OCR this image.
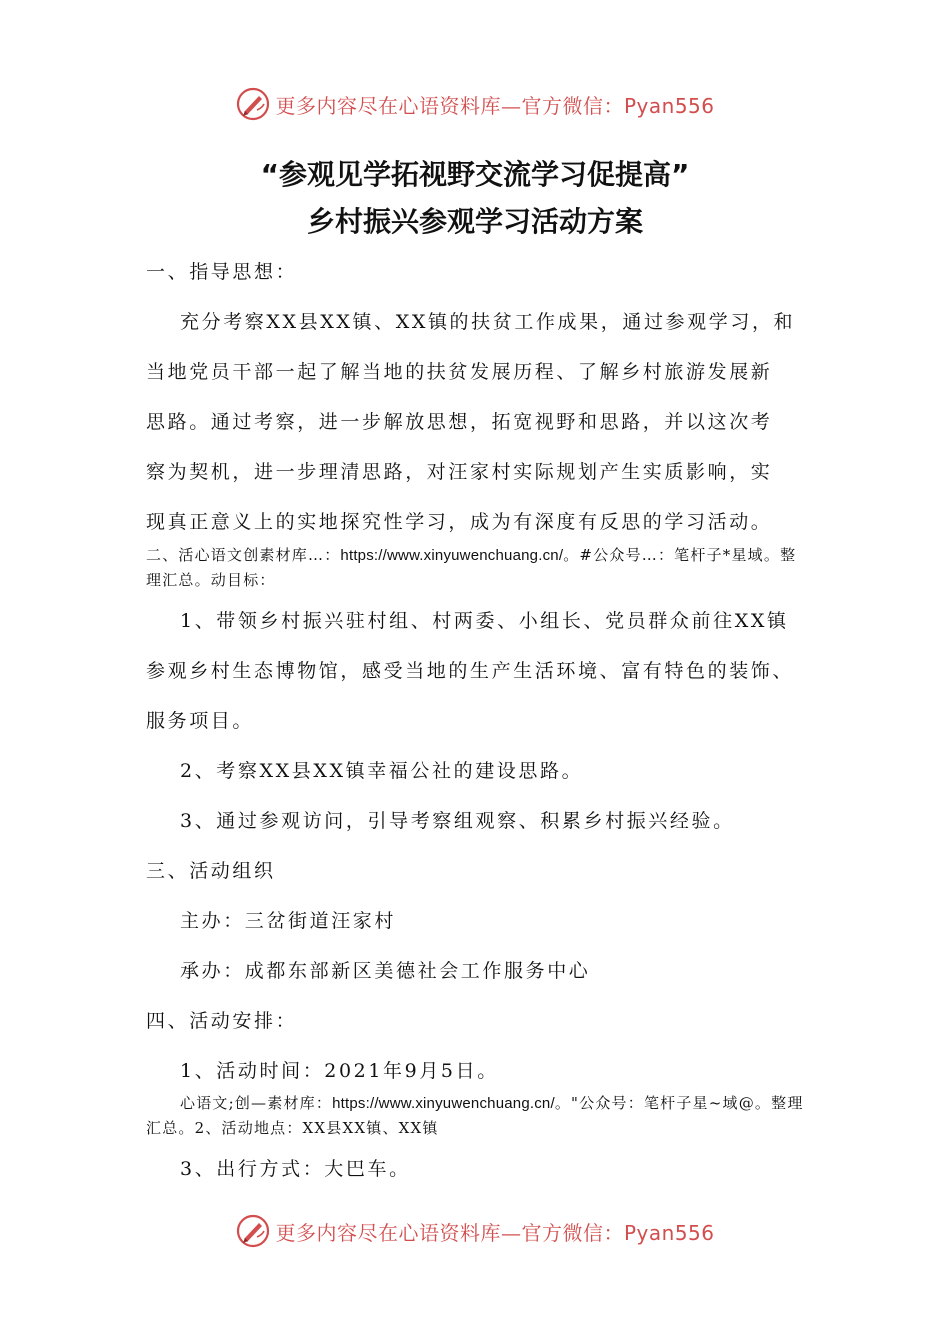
更多内容尽在心语资料库—官方微信：Pyan556
“参观见学拓视野交流学习促提高”
乡村振兴参观学习活动方案
一、指导思想：
充分考察XX县XX镇、XX镇的扶贫工作成果，通过参观学习，和
当地党员干部一起了解当地的扶贫发展历程、了解乡村旅游发展新
思路。通过考察，进一步解放思想，拓宽视野和思路，并以这次考
察为契机，进一步理清思路，对汪家村实际规划产生实质影响，实
现真正意义上的实地探究性学习，成为有深度有反思的学习活动。
二、活心语文创素材库…：https://www.xinyuwenchuang.cn/。#公众号…：笔杆子*星域。整理汇总。动目标：
1、带领乡村振兴驻村组、村两委、小组长、党员群众前往XX镇
参观乡村生态博物馆，感受当地的生产生活环境、富有特色的装饰、
服务项目。
2、考察XX县XX镇幸福公社的建设思路。
3、通过参观访问，引导考察组观察、积累乡村振兴经验。
三、活动组织
主办：三岔街道汪家村
承办：成都东部新区美德社会工作服务中心
四、活动安排：
1、活动时间：2021年9月5日。
心语文;创—素材库：https://www.xinyuwenchuang.cn/。"公众号：笔杆子星~域@。整理汇总。2、活动地点：XX县XX镇、XX镇
3、出行方式：大巴车。
更多内容尽在心语资料库—官方微信：Pyan556
